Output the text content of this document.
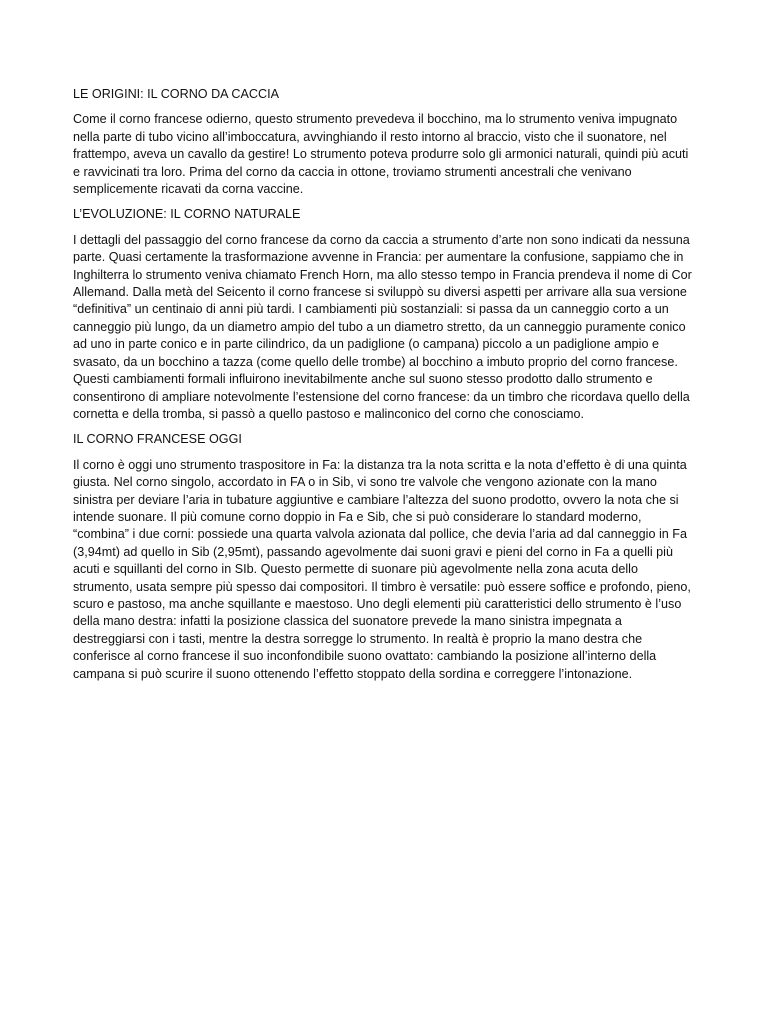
LE ORIGINI: IL CORNO DA CACCIA

Come il corno francese odierno, questo strumento prevedeva il bocchino, ma lo strumento veniva impugnato nella parte di tubo vicino all’imboccatura, avvinghiando il resto intorno al braccio, visto che il suonatore, nel frattempo, aveva un cavallo da gestire! Lo strumento poteva produrre solo gli armonici naturali, quindi più acuti e ravvicinati tra loro. Prima del corno da caccia in ottone, troviamo strumenti ancestrali che venivano semplicemente ricavati da corna vaccine.

L’EVOLUZIONE: IL CORNO NATURALE

I dettagli del passaggio del corno francese da corno da caccia a strumento d’arte non sono indicati da nessuna parte. Quasi certamente la trasformazione avvenne in Francia: per aumentare la confusione, sappiamo che in Inghilterra lo strumento veniva chiamato French Horn, ma allo stesso tempo in Francia prendeva il nome di Cor Allemand. Dalla metà del Seicento il corno francese si sviluppò su diversi aspetti per arrivare alla sua versione “definitiva” un centinaio di anni più tardi. I cambiamenti più sostanziali: si passa da un canneggio corto a un canneggio più lungo, da un diametro ampio del tubo a un diametro stretto, da un canneggio puramente conico ad uno in parte conico e in parte cilindrico, da un padiglione (o campana) piccolo a un padiglione ampio e svasato, da un bocchino a tazza (come quello delle trombe) al bocchino a imbuto proprio del corno francese. Questi cambiamenti formali influirono inevitabilmente anche sul suono stesso prodotto dallo strumento e consentirono di ampliare notevolmente l’estensione del corno francese: da un timbro che ricordava quello della cornetta e della tromba, si passò a quello pastoso e malinconico del corno che conosciamo.

IL CORNO FRANCESE OGGI

Il corno è oggi uno strumento traspositore in Fa: la distanza tra la nota scritta e la nota d’effetto è di una quinta giusta. Nel corno singolo, accordato in FA o in Sib, vi sono tre valvole che vengono azionate con la mano sinistra per deviare l’aria in tubature aggiuntive e cambiare l’altezza del suono prodotto, ovvero la nota che si intende suonare. Il più comune corno doppio in Fa e Sib, che si può considerare lo standard moderno, “combina” i due corni: possiede una quarta valvola azionata dal pollice, che devia l’aria ad dal canneggio in Fa (3,94mt) ad quello in Sib (2,95mt), passando agevolmente dai suoni gravi e pieni del corno in Fa a quelli più acuti e squillanti del corno in SIb. Questo permette di suonare più agevolmente nella zona acuta dello strumento, usata sempre più spesso dai compositori. Il timbro è versatile: può essere soffice e profondo, pieno, scuro e pastoso, ma anche squillante e maestoso. Uno degli elementi più caratteristici dello strumento è l’uso della mano destra: infatti la posizione classica del suonatore prevede la mano sinistra impegnata a destreggiarsi con i tasti, mentre la destra sorregge lo strumento. In realtà è proprio la mano destra che conferisce al corno francese il suo inconfondibile suono ovattato: cambiando la posizione all’interno della campana si può scurire il suono ottenendo l’effetto stoppato della sordina e correggere l’intonazione.
